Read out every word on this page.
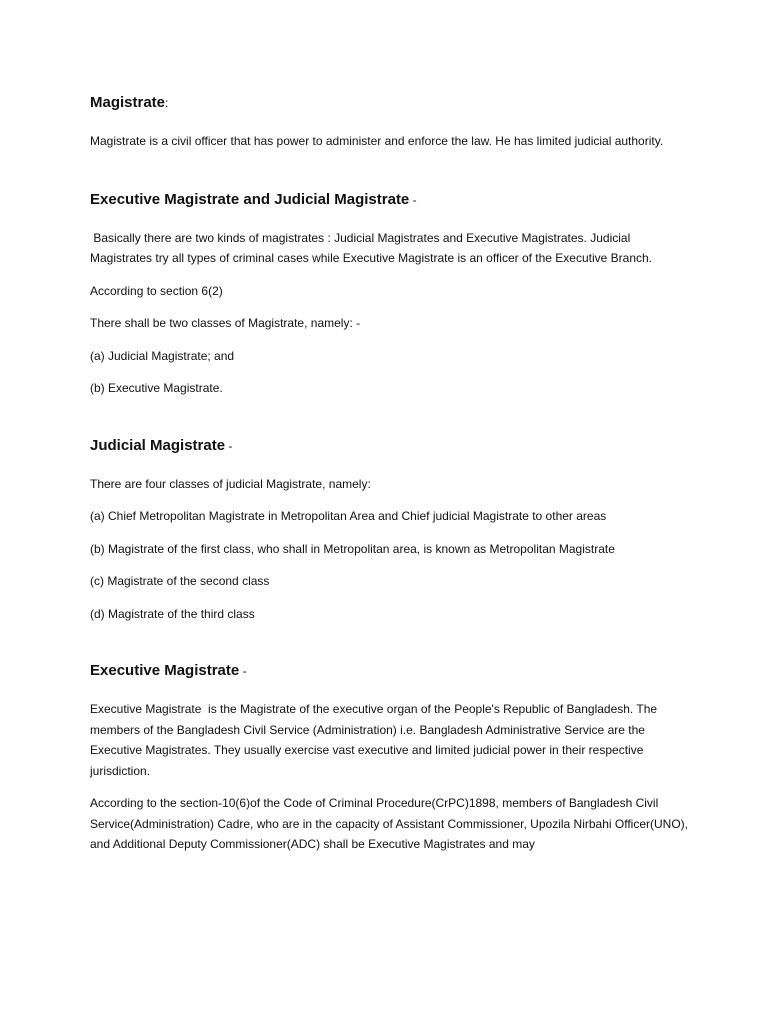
Magistrate:

Magistrate is a civil officer that has power to administer and enforce the law. He has limited judicial authority.

Executive Magistrate and Judicial Magistrate -

Basically there are two kinds of magistrates : Judicial Magistrates and Executive Magistrates. Judicial Magistrates try all types of criminal cases while Executive Magistrate is an officer of the Executive Branch.

According to section 6(2)

There shall be two classes of Magistrate, namely: -

(a) Judicial Magistrate; and

(b) Executive Magistrate.

Judicial Magistrate -

There are four classes of judicial Magistrate, namely:

(a) Chief Metropolitan Magistrate in Metropolitan Area and Chief judicial Magistrate to other areas

(b) Magistrate of the first class, who shall in Metropolitan area, is known as Metropolitan Magistrate

(c) Magistrate of the second class

(d) Magistrate of the third class

Executive Magistrate -

Executive Magistrate  is the Magistrate of the executive organ of the People's Republic of Bangladesh. The members of the Bangladesh Civil Service (Administration) i.e. Bangladesh Administrative Service are the Executive Magistrates. They usually exercise vast executive and limited judicial power in their respective jurisdiction.

According to the section-10(6)of the Code of Criminal Procedure(CrPC)1898, members of Bangladesh Civil Service(Administration) Cadre, who are in the capacity of Assistant Commissioner, Upozila Nirbahi Officer(UNO), and Additional Deputy Commissioner(ADC) shall be Executive Magistrates and may
